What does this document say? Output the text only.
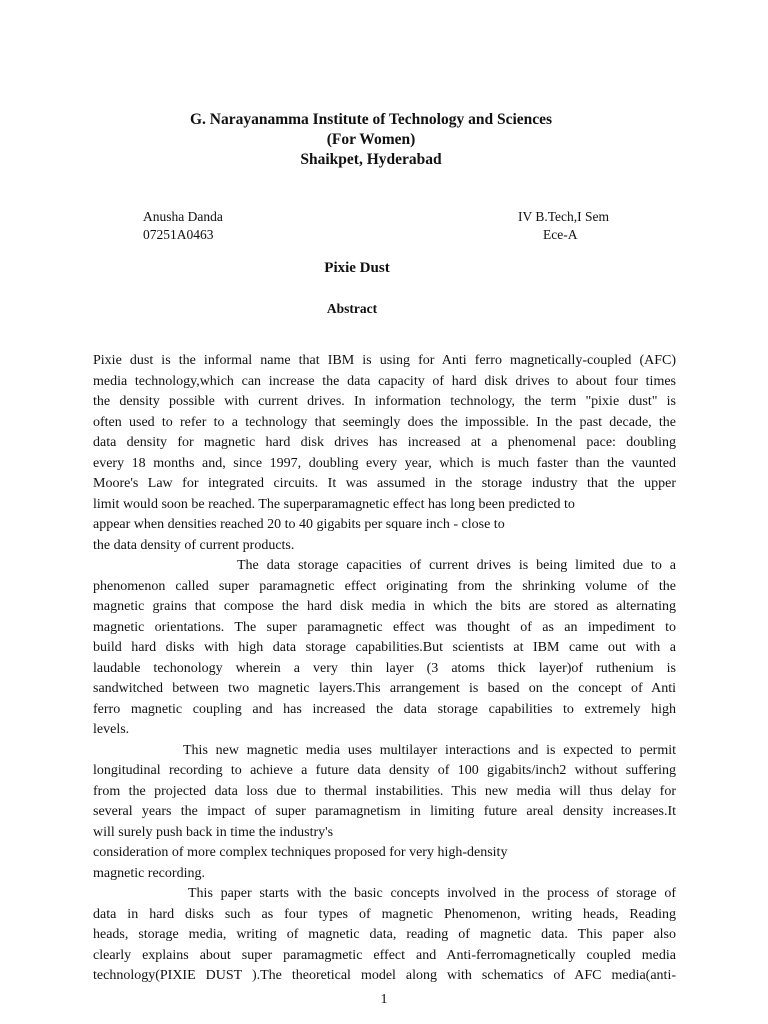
G. Narayanamma Institute of Technology and Sciences
(For Women)
Shaikpet, Hyderabad
Anusha Danda
07251A0463
IV B.Tech,I Sem
Ece-A
Pixie Dust
Abstract
Pixie dust is the informal name that IBM is using for Anti ferro magnetically-coupled (AFC)
media technology,which can increase the data capacity of hard disk drives to about four times
the density possible with current drives. In information technology, the term "pixie dust" is
often used to refer to a technology that seemingly does the impossible. In the past decade, the
data density for magnetic hard disk drives has increased at a phenomenal pace: doubling
every 18 months and, since 1997, doubling every year, which is much faster than the vaunted
Moore's Law for integrated circuits. It was assumed in the storage industry that the upper
limit would soon be reached. The superparamagnetic effect has long been predicted to
appear when densities reached 20 to 40 gigabits per square inch - close to
the data density of current products.
The data storage capacities of current drives is being limited due to a
phenomenon called super paramagnetic effect originating from the shrinking volume of the
magnetic grains that compose the hard disk media in which the bits are stored as alternating
magnetic orientations. The super paramagnetic effect was thought of as an impediment to
build hard disks with high data storage capabilities.But scientists at IBM came out with a
laudable techonology wherein a very thin layer (3 atoms thick layer)of ruthenium is
sandwitched between two magnetic layers.This arrangement is based on the concept of Anti
ferro magnetic coupling and has increased the data storage capabilities to extremely high
levels.
This new magnetic media uses multilayer interactions and is expected to permit
longitudinal recording to achieve a future data density of 100 gigabits/inch2 without suffering
from the projected data loss due to thermal instabilities. This new media will thus delay for
several years the impact of super paramagnetism in limiting future areal density increases.It
will surely push back in time the industry's
consideration of more complex techniques proposed for very high-density
magnetic recording.
This paper starts with the basic concepts involved in the process of storage of
data in hard disks such as four types of magnetic Phenomenon, writing heads, Reading
heads, storage media, writing of magnetic data, reading of magnetic data. This paper also
clearly explains about super paramagmetic effect and Anti-ferromagnetically coupled media
technology(PIXIE DUST ).The theoretical model along with schematics of AFC media(anti-
1
